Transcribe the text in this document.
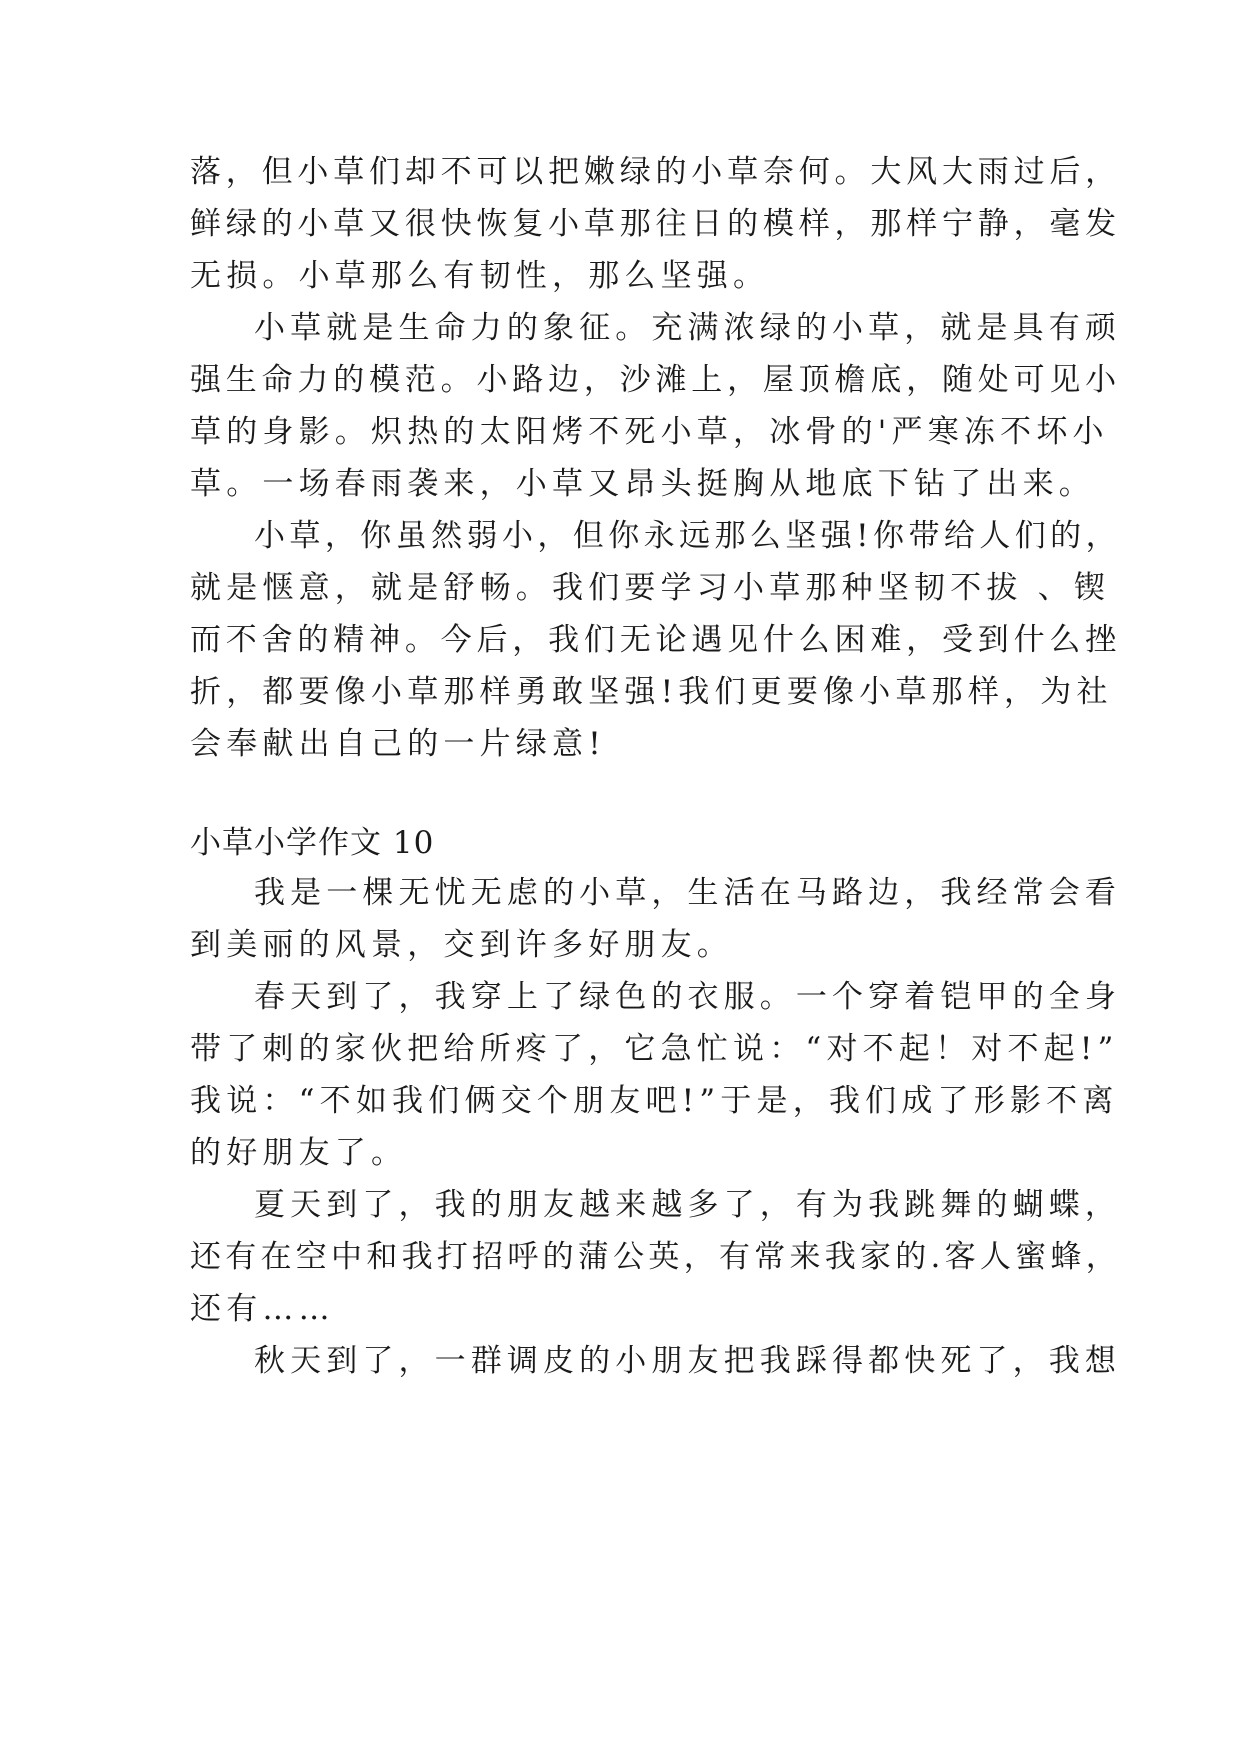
落，但小草们却不可以把嫩绿的小草奈何。大风大雨过后，
鲜绿的小草又很快恢复小草那往日的模样，那样宁静，毫发
无损。小草那么有韧性，那么坚强。
小草就是生命力的象征。充满浓绿的小草，就是具有顽
强生命力的模范。小路边，沙滩上，屋顶檐底，随处可见小
草的身影。炽热的太阳烤不死小草，冰骨的'严寒冻不坏小
草。一场春雨袭来，小草又昂头挺胸从地底下钻了出来。
小草，你虽然弱小，但你永远那么坚强!你带给人们的，
就是惬意，就是舒畅。我们要学习小草那种坚韧不拔 、锲
而不舍的精神。今后，我们无论遇见什么困难，受到什么挫
折，都要像小草那样勇敢坚强!我们更要像小草那样，为社
会奉献出自己的一片绿意!
小草小学作文 10
我是一棵无忧无虑的小草，生活在马路边，我经常会看
到美丽的风景，交到许多好朋友。
春天到了，我穿上了绿色的衣服。一个穿着铠甲的全身
带了刺的家伙把给所疼了，它急忙说：“对不起！对不起!”
我说：“不如我们俩交个朋友吧!”于是，我们成了形影不离
的好朋友了。
夏天到了，我的朋友越来越多了，有为我跳舞的蝴蝶，
还有在空中和我打招呼的蒲公英，有常来我家的.客人蜜蜂，
还有……
秋天到了，一群调皮的小朋友把我踩得都快死了，我想
